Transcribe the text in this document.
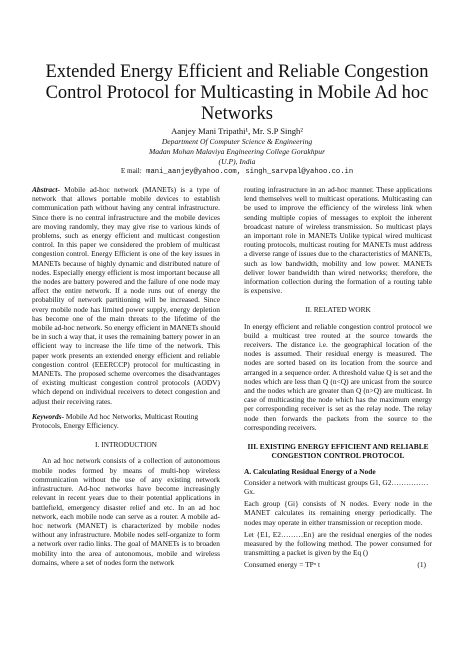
Extended Energy Efficient and Reliable Congestion Control Protocol for Multicasting in Mobile Ad hoc Networks
Aanjey Mani Tripathi¹, Mr. S.P Singh²
Department Of Computer Science & Engineering
Madan Mohan Malaviya Engineering College Gorakhpur
(U.P), India
E mail: mani_aanjey@yahoo.com, singh_sarvpal@yahoo.co.in

Abstract- Mobile ad-hoc network (MANETs) is a type of network that allows portable mobile devices to establish communication path without having any central infrastructure. Since there is no central infrastructure and the mobile devices are moving randomly, they may give rise to various kinds of problems, such as energy efficient and multicast congestion control. In this paper we considered the problem of multicast congestion control. Energy Efficient is one of the key issues in MANETs because of highly dynamic and distributed nature of nodes. Especially energy efficient is most important because all the nodes are battery powered and the failure of one node may affect the entire network. If a node runs out of energy the probability of network partitioning will be increased. Since every mobile node has limited power supply, energy depletion has become one of the main threats to the lifetime of the mobile ad-hoc network. So energy efficient in MANETs should be in such a way that, it uses the remaining battery power in an efficient way to increase the life time of the network. This paper work presents an extended energy efficient and reliable congestion control (EEERCCP) protocol for multicasting in MANETs. The proposed scheme overcomes the disadvantages of existing multicast congestion control protocols (AODV) which depend on individual receivers to detect congestion and adjust their receiving rates.

Keywords- Mobile Ad hoc Networks, Multicast Routing Protocols, Energy Efficiency.

I. INTRODUCTION

An ad hoc network consists of a collection of autonomous mobile nodes formed by means of multi-hop wireless communication without the use of any existing network infrastructure. Ad-hoc networks have become increasingly relevant in recent years due to their potential applications in battlefield, emergency disaster relief and etc. In an ad hoc network, each mobile node can serve as a router. A mobile ad-hoc network (MANET) is characterized by mobile nodes without any infrastructure. Mobile nodes self-organize to form a network over radio links. The goal of MANETs is to broaden mobility into the area of autonomous, mobile and wireless domains, where a set of nodes form the network

routing infrastructure in an ad-hoc manner. These applications lend themselves well to multicast operations. Multicasting can be used to improve the efficiency of the wireless link when sending multiple copies of messages to exploit the inherent broadcast nature of wireless transmission. So multicast plays an important role in MANETs Unlike typical wired multicast routing protocols, multicast routing for MANETs must address a diverse range of issues due to the characteristics of MANETs, such as low bandwidth, mobility and low power. MANETs deliver lower bandwidth than wired networks; therefore, the information collection during the formation of a routing table is expensive.

II. RELATED WORK

In energy efficient and reliable congestion control protocol we build a multicast tree routed at the source towards the receivers. The distance i.e. the geographical location of the nodes is assumed. Their residual energy is measured. The nodes are sorted based on its location from the source and arranged in a sequence order. A threshold value Q is set and the nodes which are less than Q (n<Q) are unicast from the source and the nodes which are greater than Q (n>Q) are multicast. In case of multicasting the node which has the maximum energy per corresponding receiver is set as the relay node. The relay node then forwards the packets from the source to the corresponding receivers.

III. EXISTING ENERGY EFFICIENT AND RELIABLE CONGESTION CONTROL PROTOCOL
A. Calculating Residual Energy of a Node

Consider a network with multicast groups G1, G2……………Gx.

Each group {Gi} consists of N nodes. Every node in the MANET calculates its remaining energy periodically. The nodes may operate in either transmission or reception mode.

Let {E1, E2………En} are the residual energies of the nodes measured by the following method. The power consumed for transmitting a packet is given by the Eq ()

Consumed energy = TPᵅ t	(1)
